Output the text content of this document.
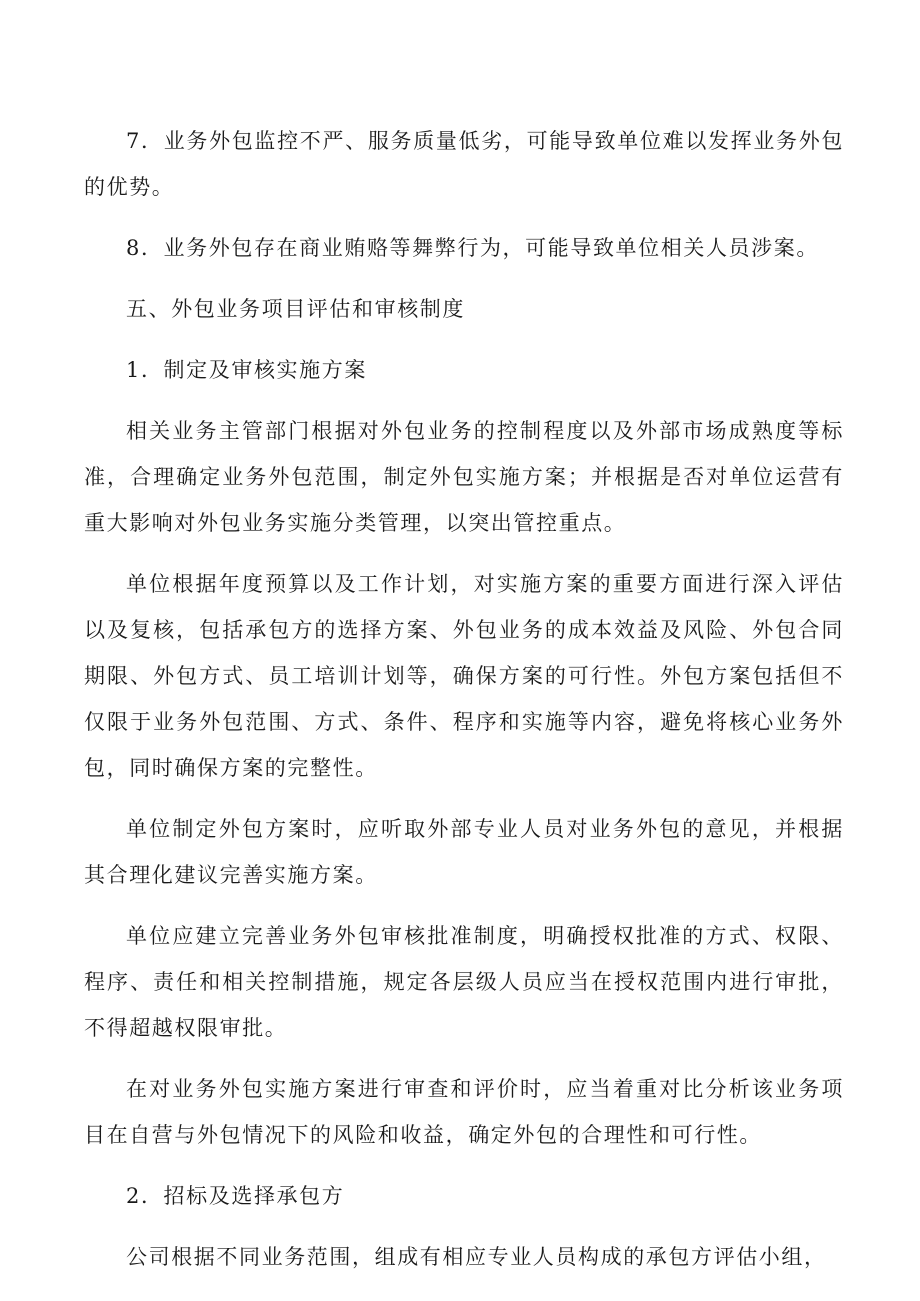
7．业务外包监控不严、服务质量低劣，可能导致单位难以发挥业务外包的优势。

8．业务外包存在商业贿赂等舞弊行为，可能导致单位相关人员涉案。

五、外包业务项目评估和审核制度

1．制定及审核实施方案

相关业务主管部门根据对外包业务的控制程度以及外部市场成熟度等标准，合理确定业务外包范围，制定外包实施方案；并根据是否对单位运营有重大影响对外包业务实施分类管理，以突出管控重点。

单位根据年度预算以及工作计划，对实施方案的重要方面进行深入评估以及复核，包括承包方的选择方案、外包业务的成本效益及风险、外包合同期限、外包方式、员工培训计划等，确保方案的可行性。外包方案包括但不仅限于业务外包范围、方式、条件、程序和实施等内容，避免将核心业务外包，同时确保方案的完整性。

单位制定外包方案时，应听取外部专业人员对业务外包的意见，并根据其合理化建议完善实施方案。

单位应建立完善业务外包审核批准制度，明确授权批准的方式、权限、程序、责任和相关控制措施，规定各层级人员应当在授权范围内进行审批，不得超越权限审批。

在对业务外包实施方案进行审查和评价时，应当着重对比分析该业务项目在自营与外包情况下的风险和收益，确定外包的合理性和可行性。

2．招标及选择承包方

公司根据不同业务范围，组成有相应专业人员构成的承包方评估小组，
